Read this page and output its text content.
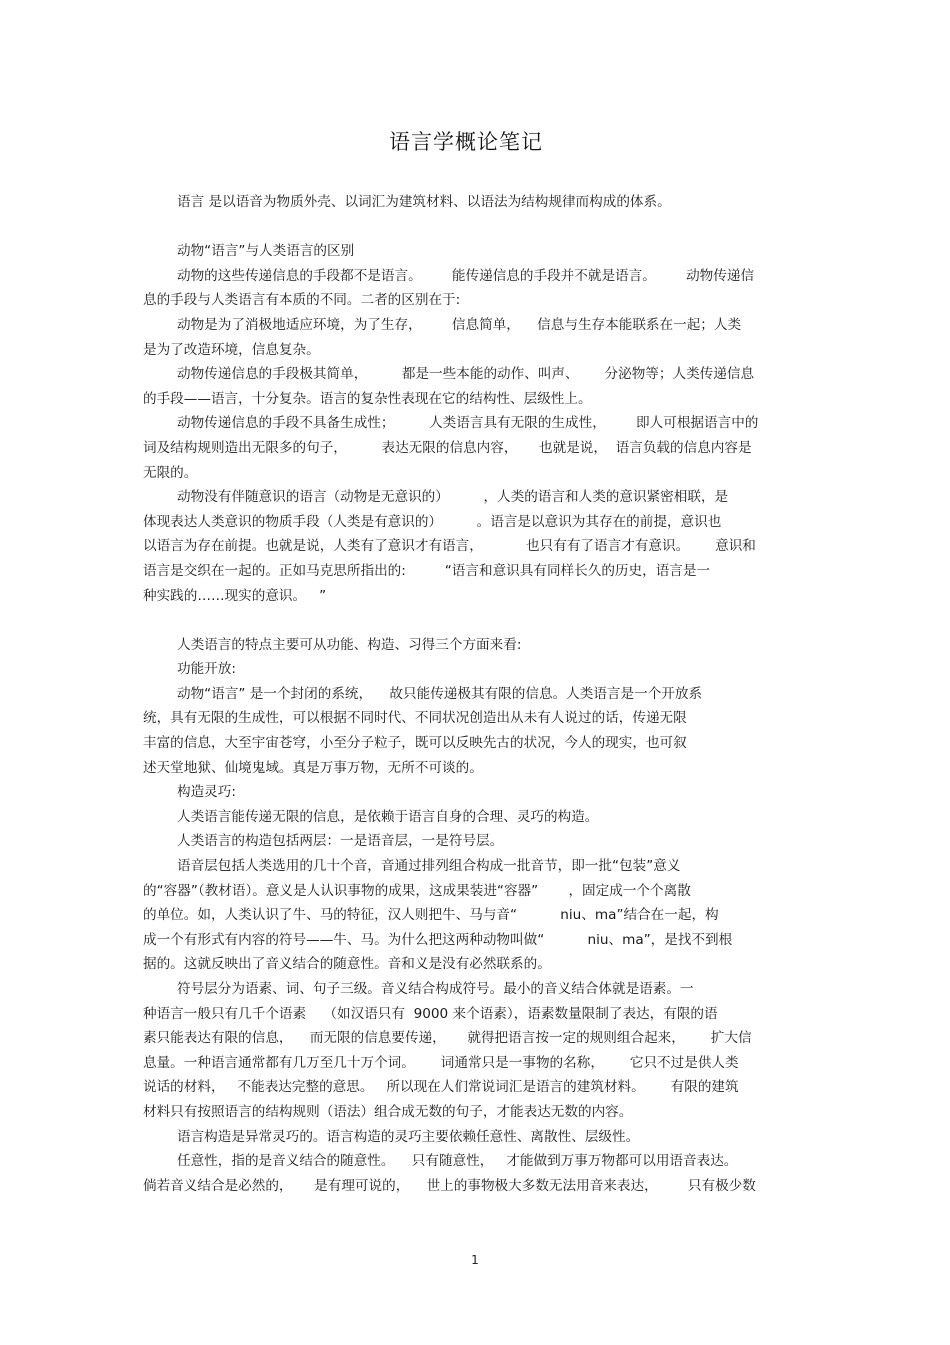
语言学概论笔记
语言 是以语音为物质外壳、以词汇为建筑材料、以语法为结构规律而构成的体系。
动物“语言”与人类语言的区别
动物的这些传递信息的手段都不是语言。       能传递信息的手段并不就是语言。       动物传递信
息的手段与人类语言有本质的不同。二者的区别在于:
动物是为了消极地适应环境，为了生存，       信息简单，    信息与生存本能联系在一起；人类
是为了改造环境，信息复杂。
动物传递信息的手段极其简单，        都是一些本能的动作、叫声、      分泌物等；人类传递信息
的手段——语言，十分复杂。语言的复杂性表现在它的结构性、层级性上。
动物传递信息的手段不具备生成性；        人类语言具有无限的生成性，       即人可根据语言中的
词及结构规则造出无限多的句子，        表达无限的信息内容，     也就是说，  语言负载的信息内容是
无限的。
动物没有伴随意识的语言（动物是无意识的）        ，人类的语言和人类的意识紧密相联，是
体现表达人类意识的物质手段（人类是有意识的）        。语言是以意识为其存在的前提，意识也
以语言为存在前提。也就是说，人类有了意识才有语言，          也只有有了语言才有意识。      意识和
语言是交织在一起的。正如马克思所指出的:         “语言和意识具有同样长久的历史，语言是一
种实践的……现实的意识。   ”
人类语言的特点主要可从功能、构造、习得三个方面来看:
功能开放:
动物“语言” 是一个封闭的系统，    故只能传递极其有限的信息。人类语言是一个开放系
统，具有无限的生成性，可以根据不同时代、不同状况创造出从未有人说过的话，传递无限
丰富的信息，大至宇宙苍穹，小至分子粒子，既可以反映先古的状况，今人的现实，也可叙
述天堂地狱、仙境鬼域。真是万事万物，无所不可谈的。
构造灵巧:
人类语言能传递无限的信息，是依赖于语言自身的合理、灵巧的构造。
人类语言的构造包括两层：一是语音层，一是符号层。
语音层包括人类选用的几十个音，音通过排列组合构成一批音节，即一批“包装”意义
的“容器”（教材语）。意义是人认识事物的成果，这成果装进“容器”       ，固定成一个个离散
的单位。如，人类认识了牛、马的特征，汉人则把牛、马与音“          niu、ma”结合在一起，构
成一个有形式有内容的符号——牛、马。为什么把这两种动物叫做“          niu、ma”，是找不到根
据的。这就反映出了音义结合的随意性。音和义是没有必然联系的。
符号层分为语素、词、句子三级。音义结合构成符号。最小的音义结合体就是语素。一
种语言一般只有几千个语素    （如汉语只有  9000 来个语素），语素数量限制了表达，有限的语
素只能表达有限的信息，    而无限的信息要传递，     就得把语言按一定的规则组合起来，      扩大信
息量。一种语言通常都有几万至几十万个词。      词通常只是一事物的名称，      它只不过是供人类
说话的材料，   不能表达完整的意思。   所以现在人们常说词汇是语言的建筑材料。      有限的建筑
材料只有按照语言的结构规则（语法）组合成无数的句子，才能表达无数的内容。
语言构造是异常灵巧的。语言构造的灵巧主要依赖任意性、离散性、层级性。
任意性，指的是音义结合的随意性。    只有随意性，   才能做到万事万物都可以用语音表达。
倘若音义结合是必然的，     是有理可说的，    世上的事物极大多数无法用音来表达，       只有极少数
1
